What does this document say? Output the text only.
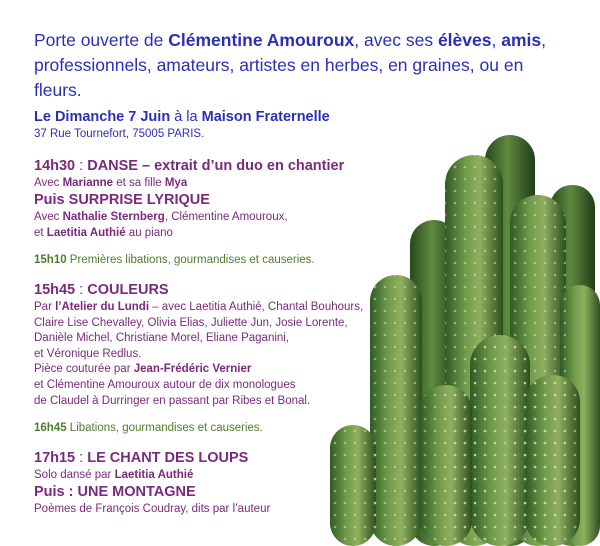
Porte ouverte de Clémentine Amouroux, avec ses élèves, amis,
professionnels, amateurs, artistes en herbes, en graines, ou en fleurs.
Le Dimanche 7 Juin à la Maison Fraternelle
37 Rue Tournefort, 75005 PARIS.
14h30 : DANSE – extrait d’un duo en chantier
Avec Marianne et sa fille Mya
Puis SURPRISE LYRIQUE
Avec Nathalie Sternberg, Clémentine Amouroux,
et Laetitia Authié au piano
15h10 Premières libations, gourmandises et causeries.
15h45 : COULEURS
Par l’Atelier du Lundi – avec Laetitia Authié, Chantal Bouhours,
Claire Lise Chevalley, Olivia Elias, Juliette Jun, Josie Lorente,
Danièle Michel, Christiane Morel, Eliane Paganini,
et Véronique Redlus.
Pièce couturée par Jean-Frédéric Vernier
et Clémentine Amouroux autour de dix monologues
de Claudel à Durringer en passant par Ribes et Bonal.
16h45 Libations, gourmandises et causeries.
17h15 : LE CHANT DES LOUPS
Solo dansé par Laetitia Authié
Puis : UNE MONTAGNE
Poèmes de François Coudray, dits par l’auteur
